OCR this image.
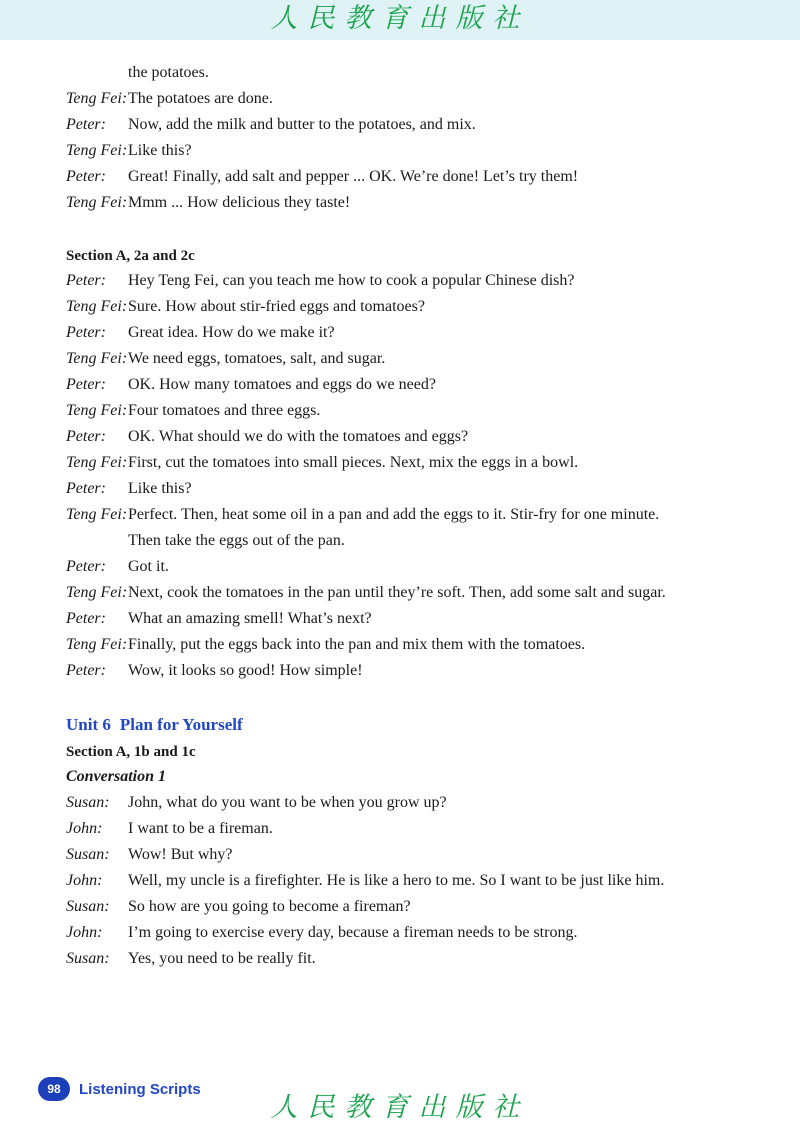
人民教育出版社
the potatoes.
Teng Fei: The potatoes are done.
Peter:	Now, add the milk and butter to the potatoes, and mix.
Teng Fei: Like this?
Peter:	Great! Finally, add salt and pepper ... OK. We’re done! Let’s try them!
Teng Fei: Mmm ... How delicious they taste!
Section A, 2a and 2c
Peter:	Hey Teng Fei, can you teach me how to cook a popular Chinese dish?
Teng Fei: Sure. How about stir-fried eggs and tomatoes?
Peter:	Great idea. How do we make it?
Teng Fei: We need eggs, tomatoes, salt, and sugar.
Peter:	OK. How many tomatoes and eggs do we need?
Teng Fei: Four tomatoes and three eggs.
Peter:	OK. What should we do with the tomatoes and eggs?
Teng Fei: First, cut the tomatoes into small pieces. Next, mix the eggs in a bowl.
Peter:	Like this?
Teng Fei: Perfect. Then, heat some oil in a pan and add the eggs to it. Stir-fry for one minute.
Then take the eggs out of the pan.
Peter:	Got it.
Teng Fei: Next, cook the tomatoes in the pan until they’re soft. Then, add some salt and sugar.
Peter:	What an amazing smell! What’s next?
Teng Fei: Finally, put the eggs back into the pan and mix them with the tomatoes.
Peter:	Wow, it looks so good! How simple!
Unit 6 Plan for Yourself
Section A, 1b and 1c
Conversation 1
Susan:	John, what do you want to be when you grow up?
John:	I want to be a fireman.
Susan:	Wow! But why?
John:	Well, my uncle is a firefighter. He is like a hero to me. So I want to be just like him.
Susan:	So how are you going to become a fireman?
John:	I’m going to exercise every day, because a fireman needs to be strong.
Susan:	Yes, you need to be really fit.
98	Listening Scripts
人民教育出版社
